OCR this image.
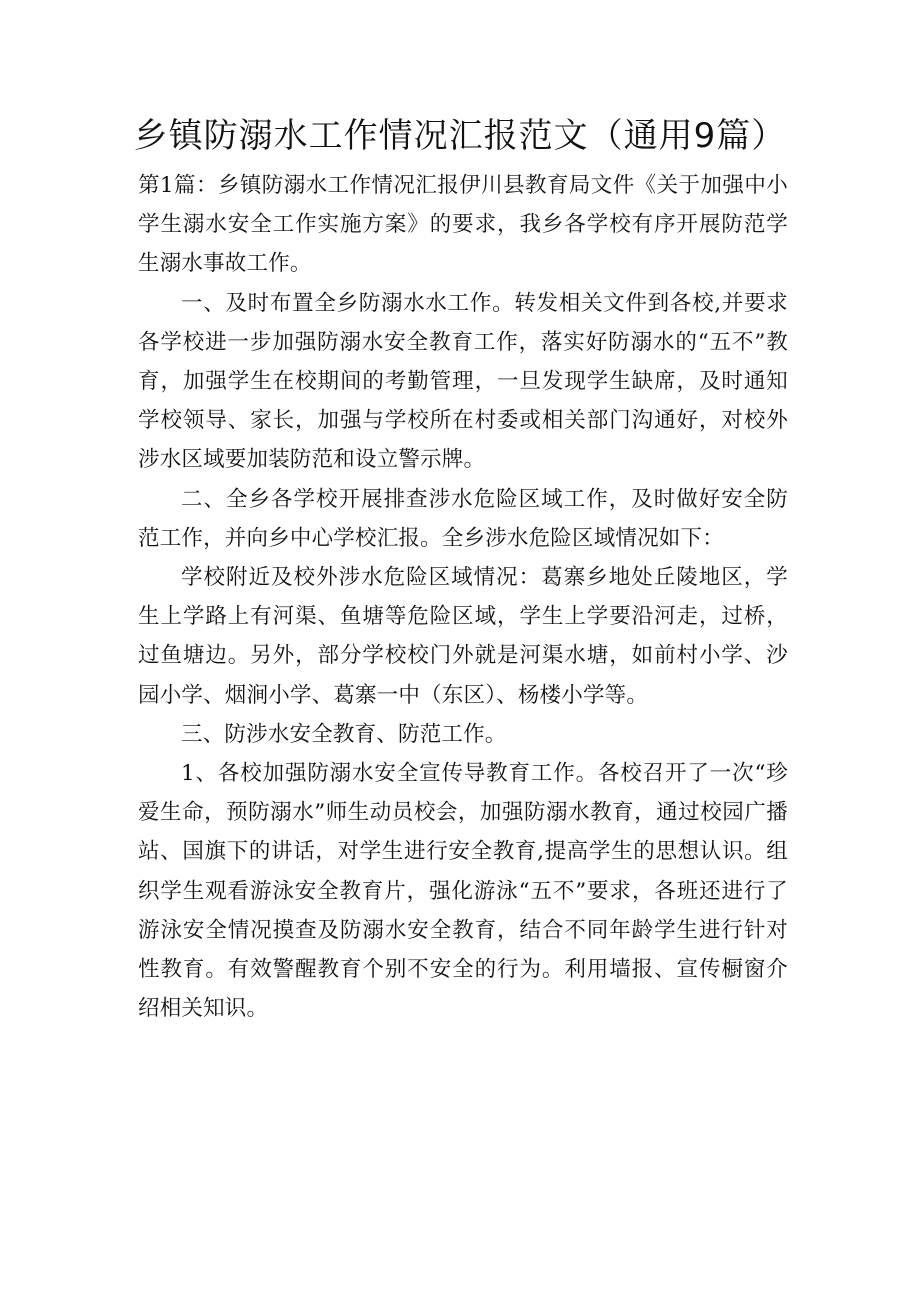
乡镇防溺水工作情况汇报范文（通用9篇）

第1篇：乡镇防溺水工作情况汇报伊川县教育局文件《关于加强中小学生溺水安全工作实施方案》的要求，我乡各学校有序开展防范学生溺水事故工作。

一、及时布置全乡防溺水水工作。转发相关文件到各校,并要求各学校进一步加强防溺水安全教育工作，落实好防溺水的“五不”教育，加强学生在校期间的考勤管理，一旦发现学生缺席，及时通知学校领导、家长，加强与学校所在村委或相关部门沟通好，对校外涉水区域要加装防范和设立警示牌。

二、全乡各学校开展排查涉水危险区域工作，及时做好安全防范工作，并向乡中心学校汇报。全乡涉水危险区域情况如下：

学校附近及校外涉水危险区域情况：葛寨乡地处丘陵地区，学生上学路上有河渠、鱼塘等危险区域，学生上学要沿河走，过桥，过鱼塘边。另外，部分学校校门外就是河渠水塘，如前村小学、沙园小学、烟涧小学、葛寨一中（东区）、杨楼小学等。

三、防涉水安全教育、防范工作。

1、各校加强防溺水安全宣传导教育工作。各校召开了一次“珍爱生命，预防溺水”师生动员校会，加强防溺水教育，通过校园广播站、国旗下的讲话，对学生进行安全教育,提高学生的思想认识。组织学生观看游泳安全教育片，强化游泳“五不”要求，各班还进行了游泳安全情况摸查及防溺水安全教育，结合不同年龄学生进行针对性教育。有效警醒教育个别不安全的行为。利用墙报、宣传橱窗介绍相关知识。
